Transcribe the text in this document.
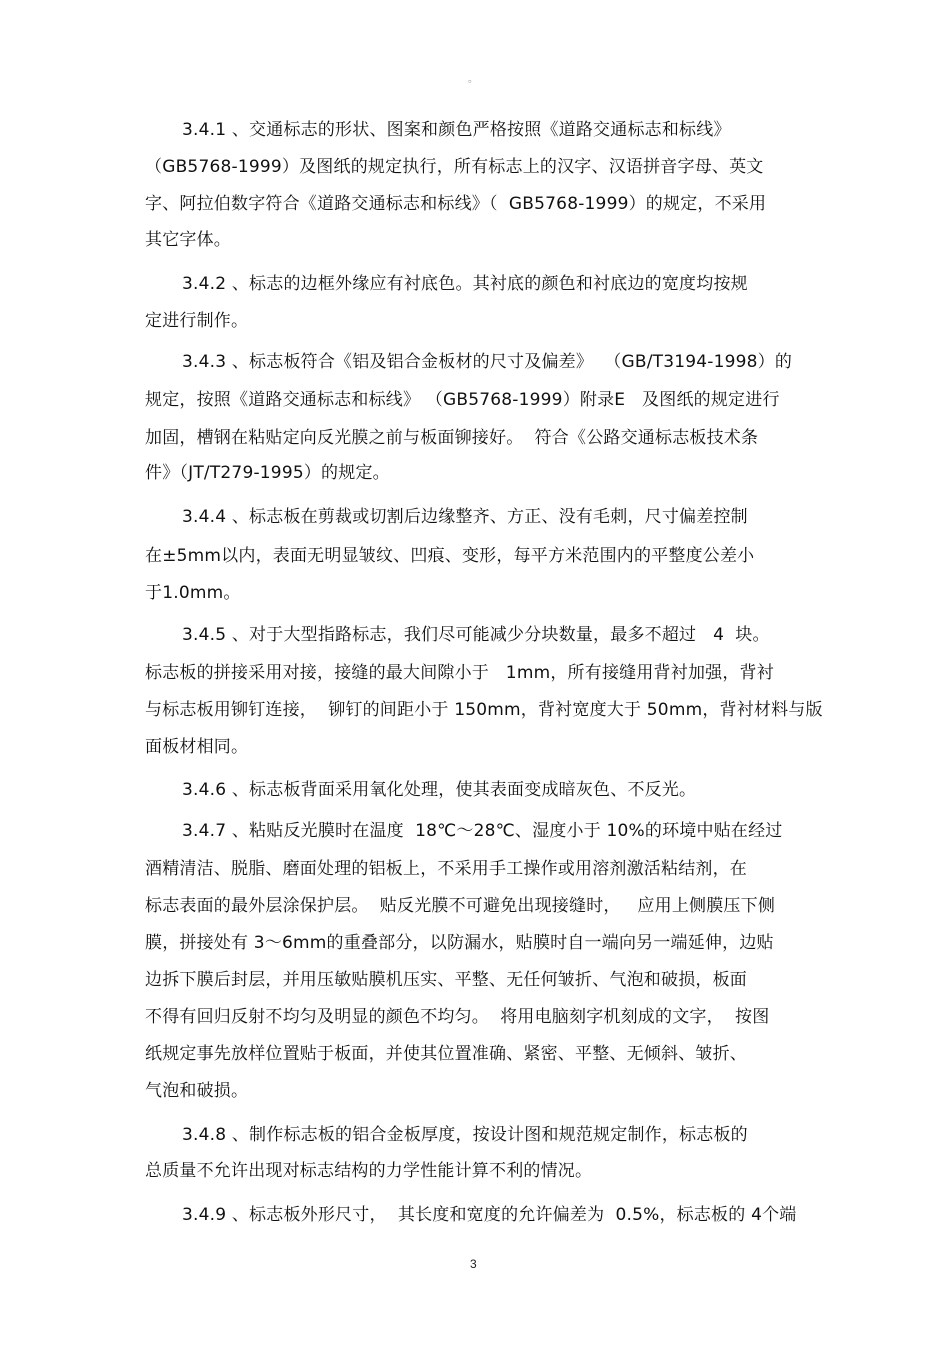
。
3.4.1 、交通标志的形状、图案和颜色严格按照《道路交通标志和标线》
（GB5768-1999）及图纸的规定执行，所有标志上的汉字、汉语拼音字母、英文
字、阿拉伯数字符合《道路交通标志和标线》（  GB5768-1999）的规定，不采用
其它字体。
3.4.2 、标志的边框外缘应有衬底色。其衬底的颜色和衬底边的宽度均按规
定进行制作。
3.4.3 、标志板符合《铝及铝合金板材的尺寸及偏差》  （GB/T3194-1998）的
规定，按照《道路交通标志和标线》 （GB5768-1999）附录E   及图纸的规定进行
加固，槽钢在粘贴定向反光膜之前与板面铆接好。  符合《公路交通标志板技术条
件》（JT/T279-1995）的规定。
3.4.4 、标志板在剪裁或切割后边缘整齐、方正、没有毛刺，尺寸偏差控制
在±5mm以内，表面无明显皱纹、凹痕、变形，每平方米范围内的平整度公差小
于1.0mm。
3.4.5 、对于大型指路标志，我们尽可能减少分块数量，最多不超过   4  块。
标志板的拼接采用对接，接缝的最大间隙小于   1mm，所有接缝用背衬加强，背衬
与标志板用铆钉连接，  铆钉的间距小于 150mm，背衬宽度大于 50mm，背衬材料与版
面板材相同。
3.4.6 、标志板背面采用氧化处理，使其表面变成暗灰色、不反光。
3.4.7 、粘贴反光膜时在温度  18℃～28℃、湿度小于 10%的环境中贴在经过
酒精清洁、脱脂、磨面处理的铝板上，不采用手工操作或用溶剂激活粘结剂，在
标志表面的最外层涂保护层。  贴反光膜不可避免出现接缝时，   应用上侧膜压下侧
膜，拼接处有 3～6mm的重叠部分，以防漏水，贴膜时自一端向另一端延伸，边贴
边拆下膜后封层，并用压敏贴膜机压实、平整、无任何皱折、气泡和破损，板面
不得有回归反射不均匀及明显的颜色不均匀。  将用电脑刻字机刻成的文字，  按图
纸规定事先放样位置贴于板面，并使其位置准确、紧密、平整、无倾斜、皱折、
气泡和破损。
3.4.8 、制作标志板的铝合金板厚度，按设计图和规范规定制作，标志板的
总质量不允许出现对标志结构的力学性能计算不利的情况。
3.4.9 、标志板外形尺寸，  其长度和宽度的允许偏差为  0.5%，标志板的 4个端
3
